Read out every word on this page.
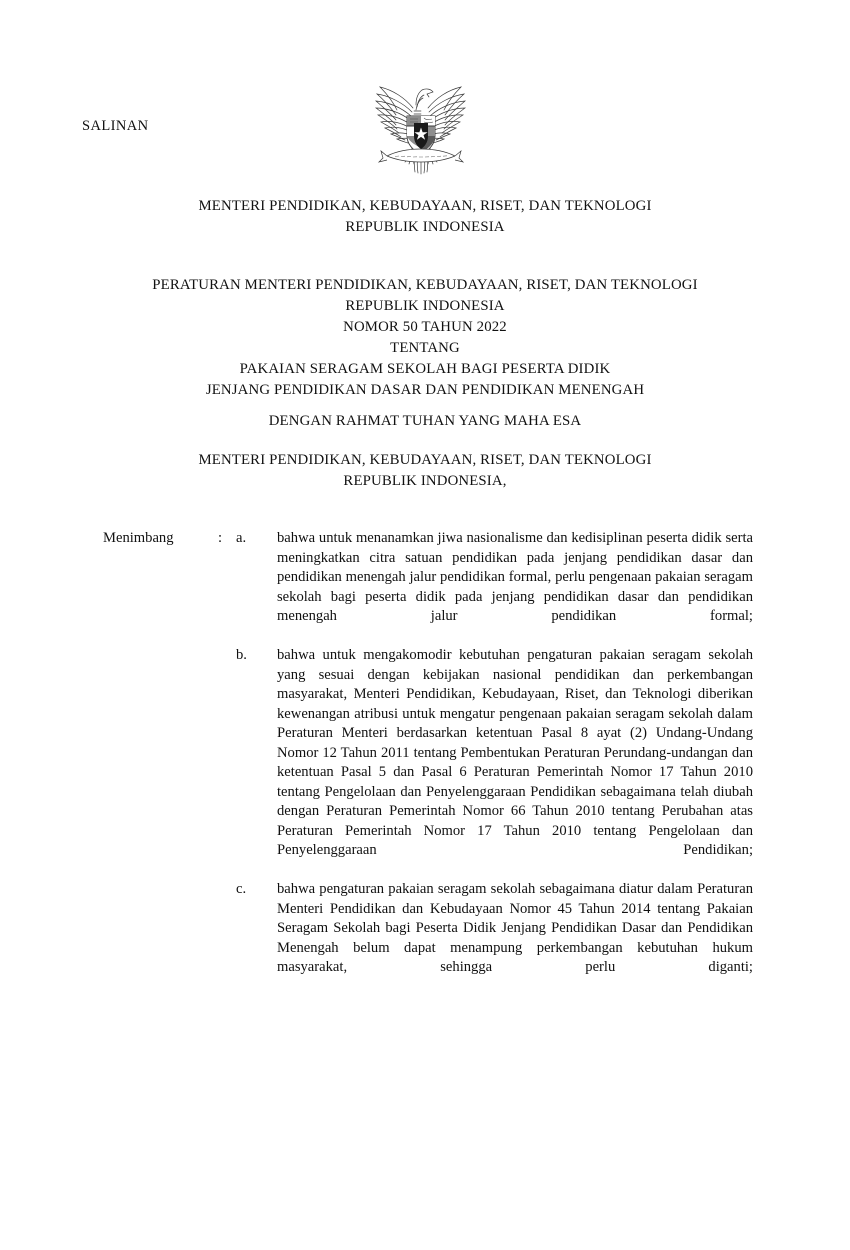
SALINAN
MENTERI PENDIDIKAN, KEBUDAYAAN, RISET, DAN TEKNOLOGI
REPUBLIK INDONESIA
PERATURAN MENTERI PENDIDIKAN, KEBUDAYAAN, RISET, DAN TEKNOLOGI
REPUBLIK INDONESIA
NOMOR 50 TAHUN 2022
TENTANG
PAKAIAN SERAGAM SEKOLAH BAGI PESERTA DIDIK
JENJANG PENDIDIKAN DASAR DAN PENDIDIKAN MENENGAH
DENGAN RAHMAT TUHAN YANG MAHA ESA
MENTERI PENDIDIKAN, KEBUDAYAAN, RISET, DAN TEKNOLOGI
REPUBLIK INDONESIA,
Menimbang	: a. bahwa untuk menanamkan jiwa nasionalisme dan kedisiplinan peserta didik serta meningkatkan citra satuan pendidikan pada jenjang pendidikan dasar dan pendidikan menengah jalur pendidikan formal, perlu pengenaan pakaian seragam sekolah bagi peserta didik pada jenjang pendidikan dasar dan pendidikan menengah jalur pendidikan formal;
b. bahwa untuk mengakomodir kebutuhan pengaturan pakaian seragam sekolah yang sesuai dengan kebijakan nasional pendidikan dan perkembangan masyarakat, Menteri Pendidikan, Kebudayaan, Riset, dan Teknologi diberikan kewenangan atribusi untuk mengatur pengenaan pakaian seragam sekolah dalam Peraturan Menteri berdasarkan ketentuan Pasal 8 ayat (2) Undang-Undang Nomor 12 Tahun 2011 tentang Pembentukan Peraturan Perundang-undangan dan ketentuan Pasal 5 dan Pasal 6 Peraturan Pemerintah Nomor 17 Tahun 2010 tentang Pengelolaan dan Penyelenggaraan Pendidikan sebagaimana telah diubah dengan Peraturan Pemerintah Nomor 66 Tahun 2010 tentang Perubahan atas Peraturan Pemerintah Nomor 17 Tahun 2010 tentang Pengelolaan dan Penyelenggaraan Pendidikan;
c. bahwa pengaturan pakaian seragam sekolah sebagaimana diatur dalam Peraturan Menteri Pendidikan dan Kebudayaan Nomor 45 Tahun 2014 tentang Pakaian Seragam Sekolah bagi Peserta Didik Jenjang Pendidikan Dasar dan Pendidikan Menengah belum dapat menampung perkembangan kebutuhan hukum masyarakat, sehingga perlu diganti;
